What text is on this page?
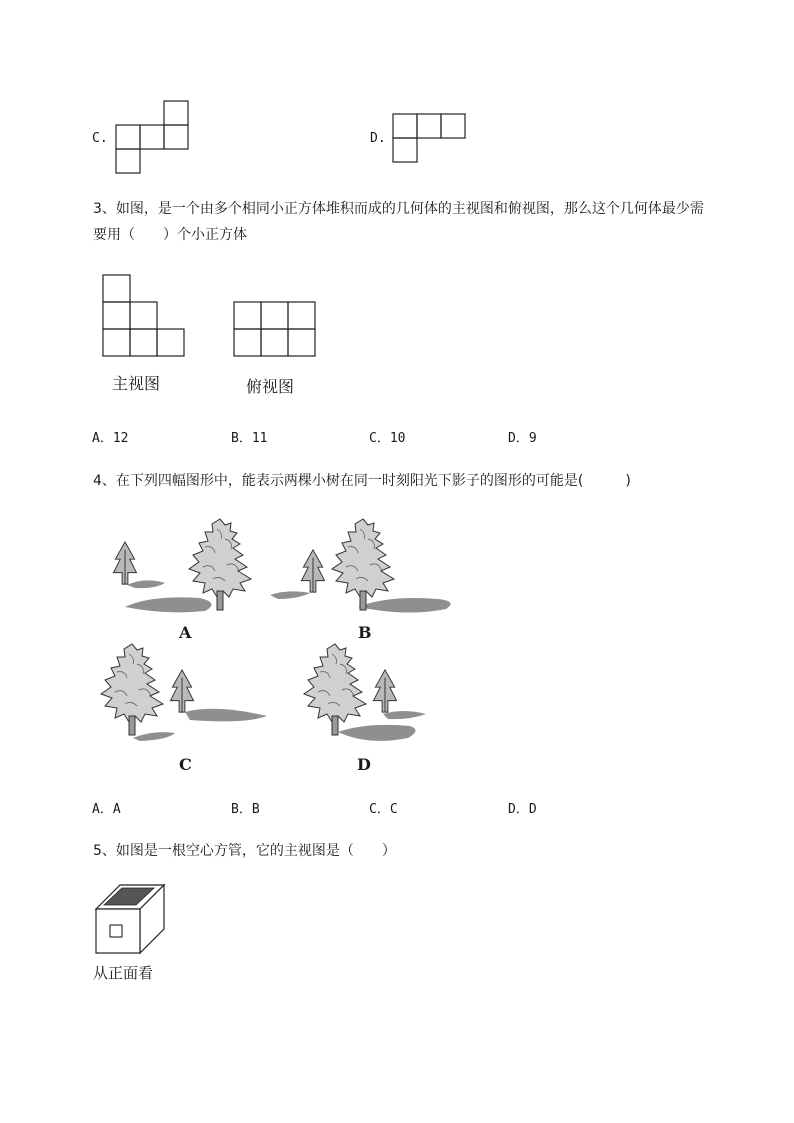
C.	D.
3、如图，是一个由多个相同小正方体堆积而成的几何体的主视图和俯视图，那么这个几何体最少需
要用（　　）个小正方体
主视图	俯视图
A．12	B．11	C．10	D．9
4、在下列四幅图形中，能表示两棵小树在同一时刻阳光下影子的图形的可能是(　　　)
A	B
C	D
A．A	B．B	C．C	D．D
5、如图是一根空心方管，它的主视图是（　　）
从正面看
